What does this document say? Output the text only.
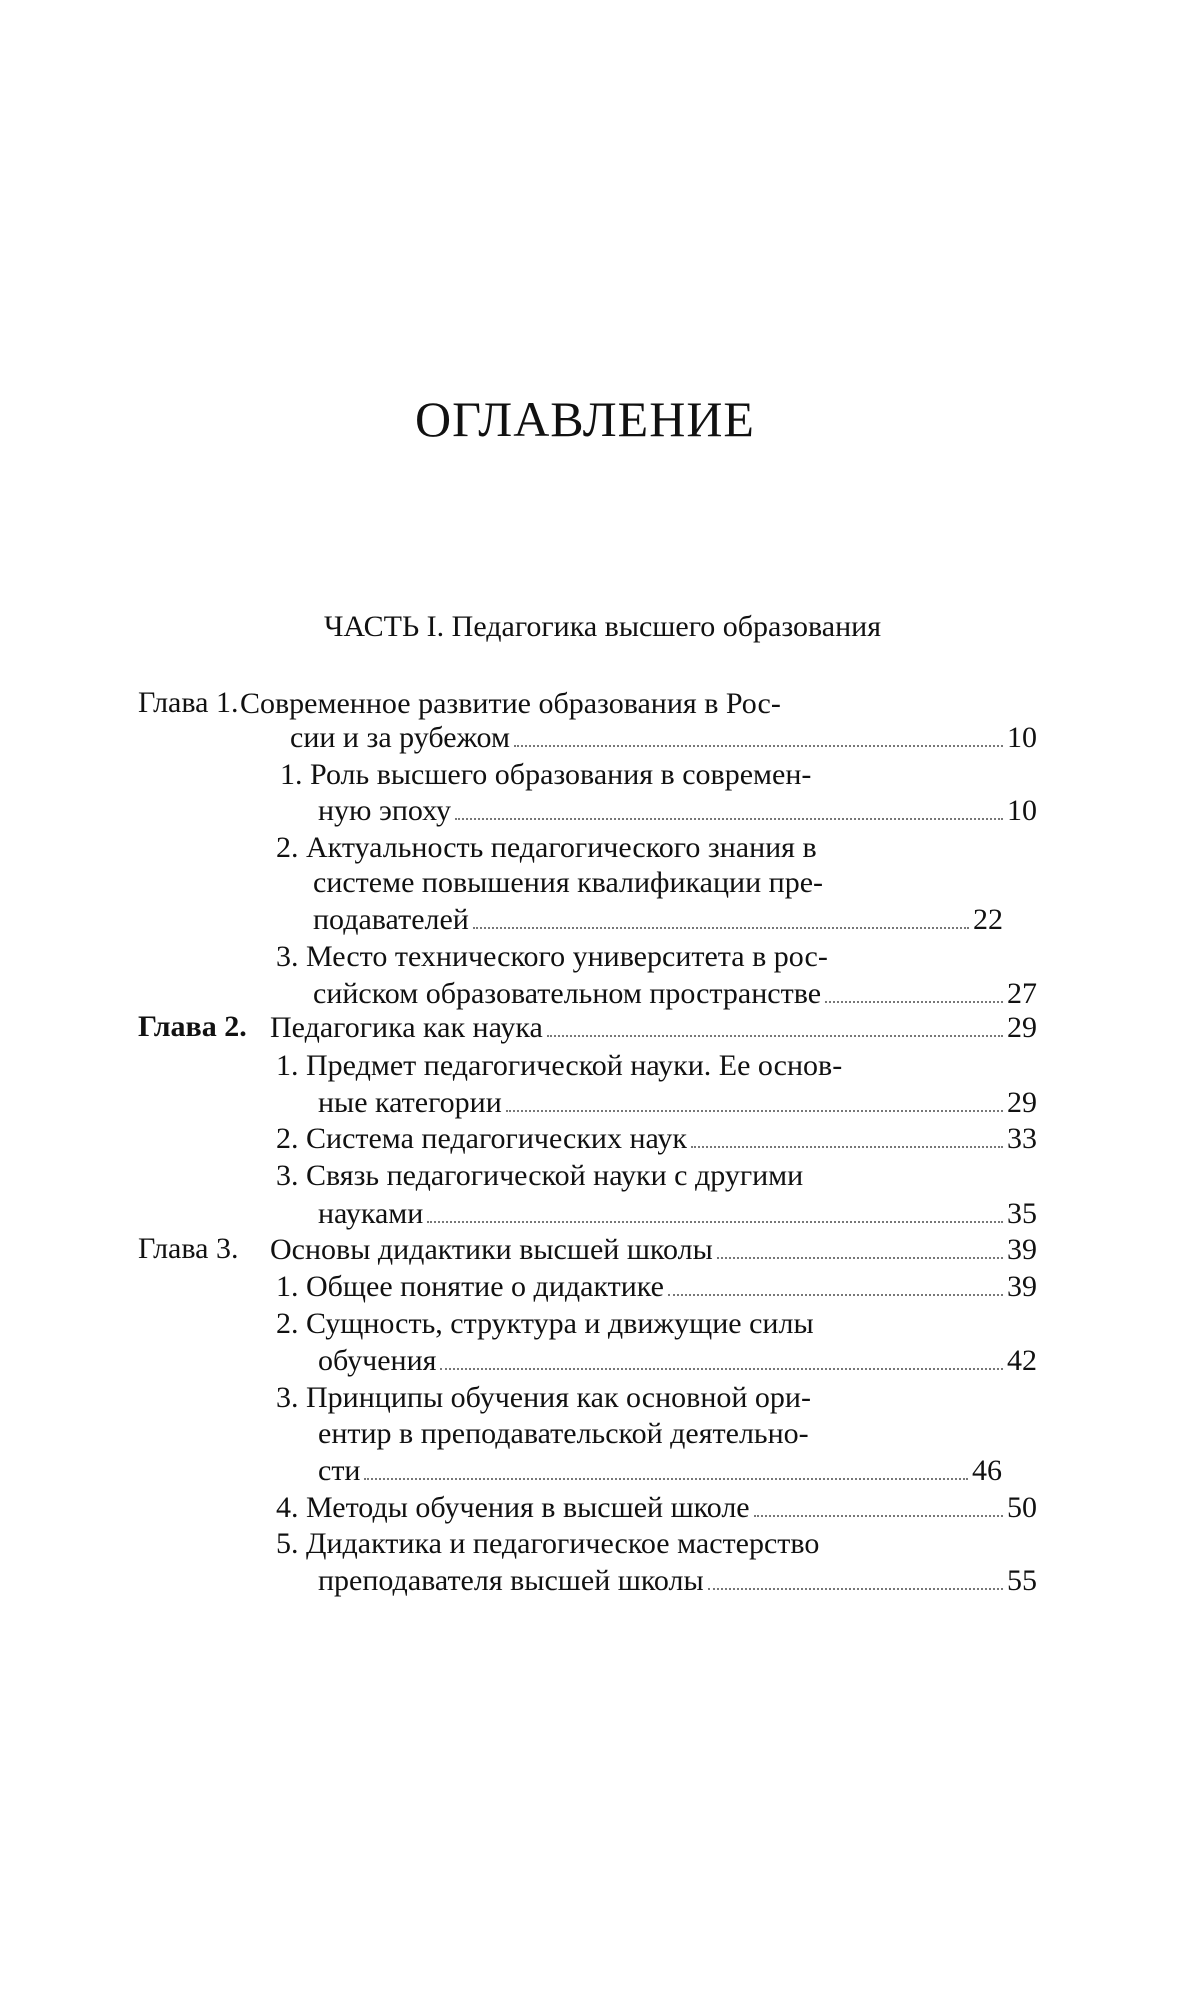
ОГЛАВЛЕНИЕ
ЧАСТЬ I. Педагогика высшего образования
Глава 1. Современное развитие образования в Рос-
сии и за рубежом	10
1. Роль высшего образования в современ-
ную эпоху	10
2. Актуальность педагогического знания в
системе повышения квалификации пре-
подавателей	22
3. Место технического университета в рос-
сийском образовательном пространстве	27
Глава 2. Педагогика как наука	29
1. Предмет педагогической науки. Ее основ-
ные категории	29
2. Система педагогических наук	33
3. Связь педагогической науки с другими
науками	35
Глава 3. Основы дидактики высшей школы	39
1. Общее понятие о дидактике	39
2. Сущность, структура и движущие силы
обучения	42
3. Принципы обучения как основной ори-
ентир в преподавательской деятельно-
сти	46
4. Методы обучения в высшей школе	50
5. Дидактика и педагогическое мастерство
преподавателя высшей школы	55
